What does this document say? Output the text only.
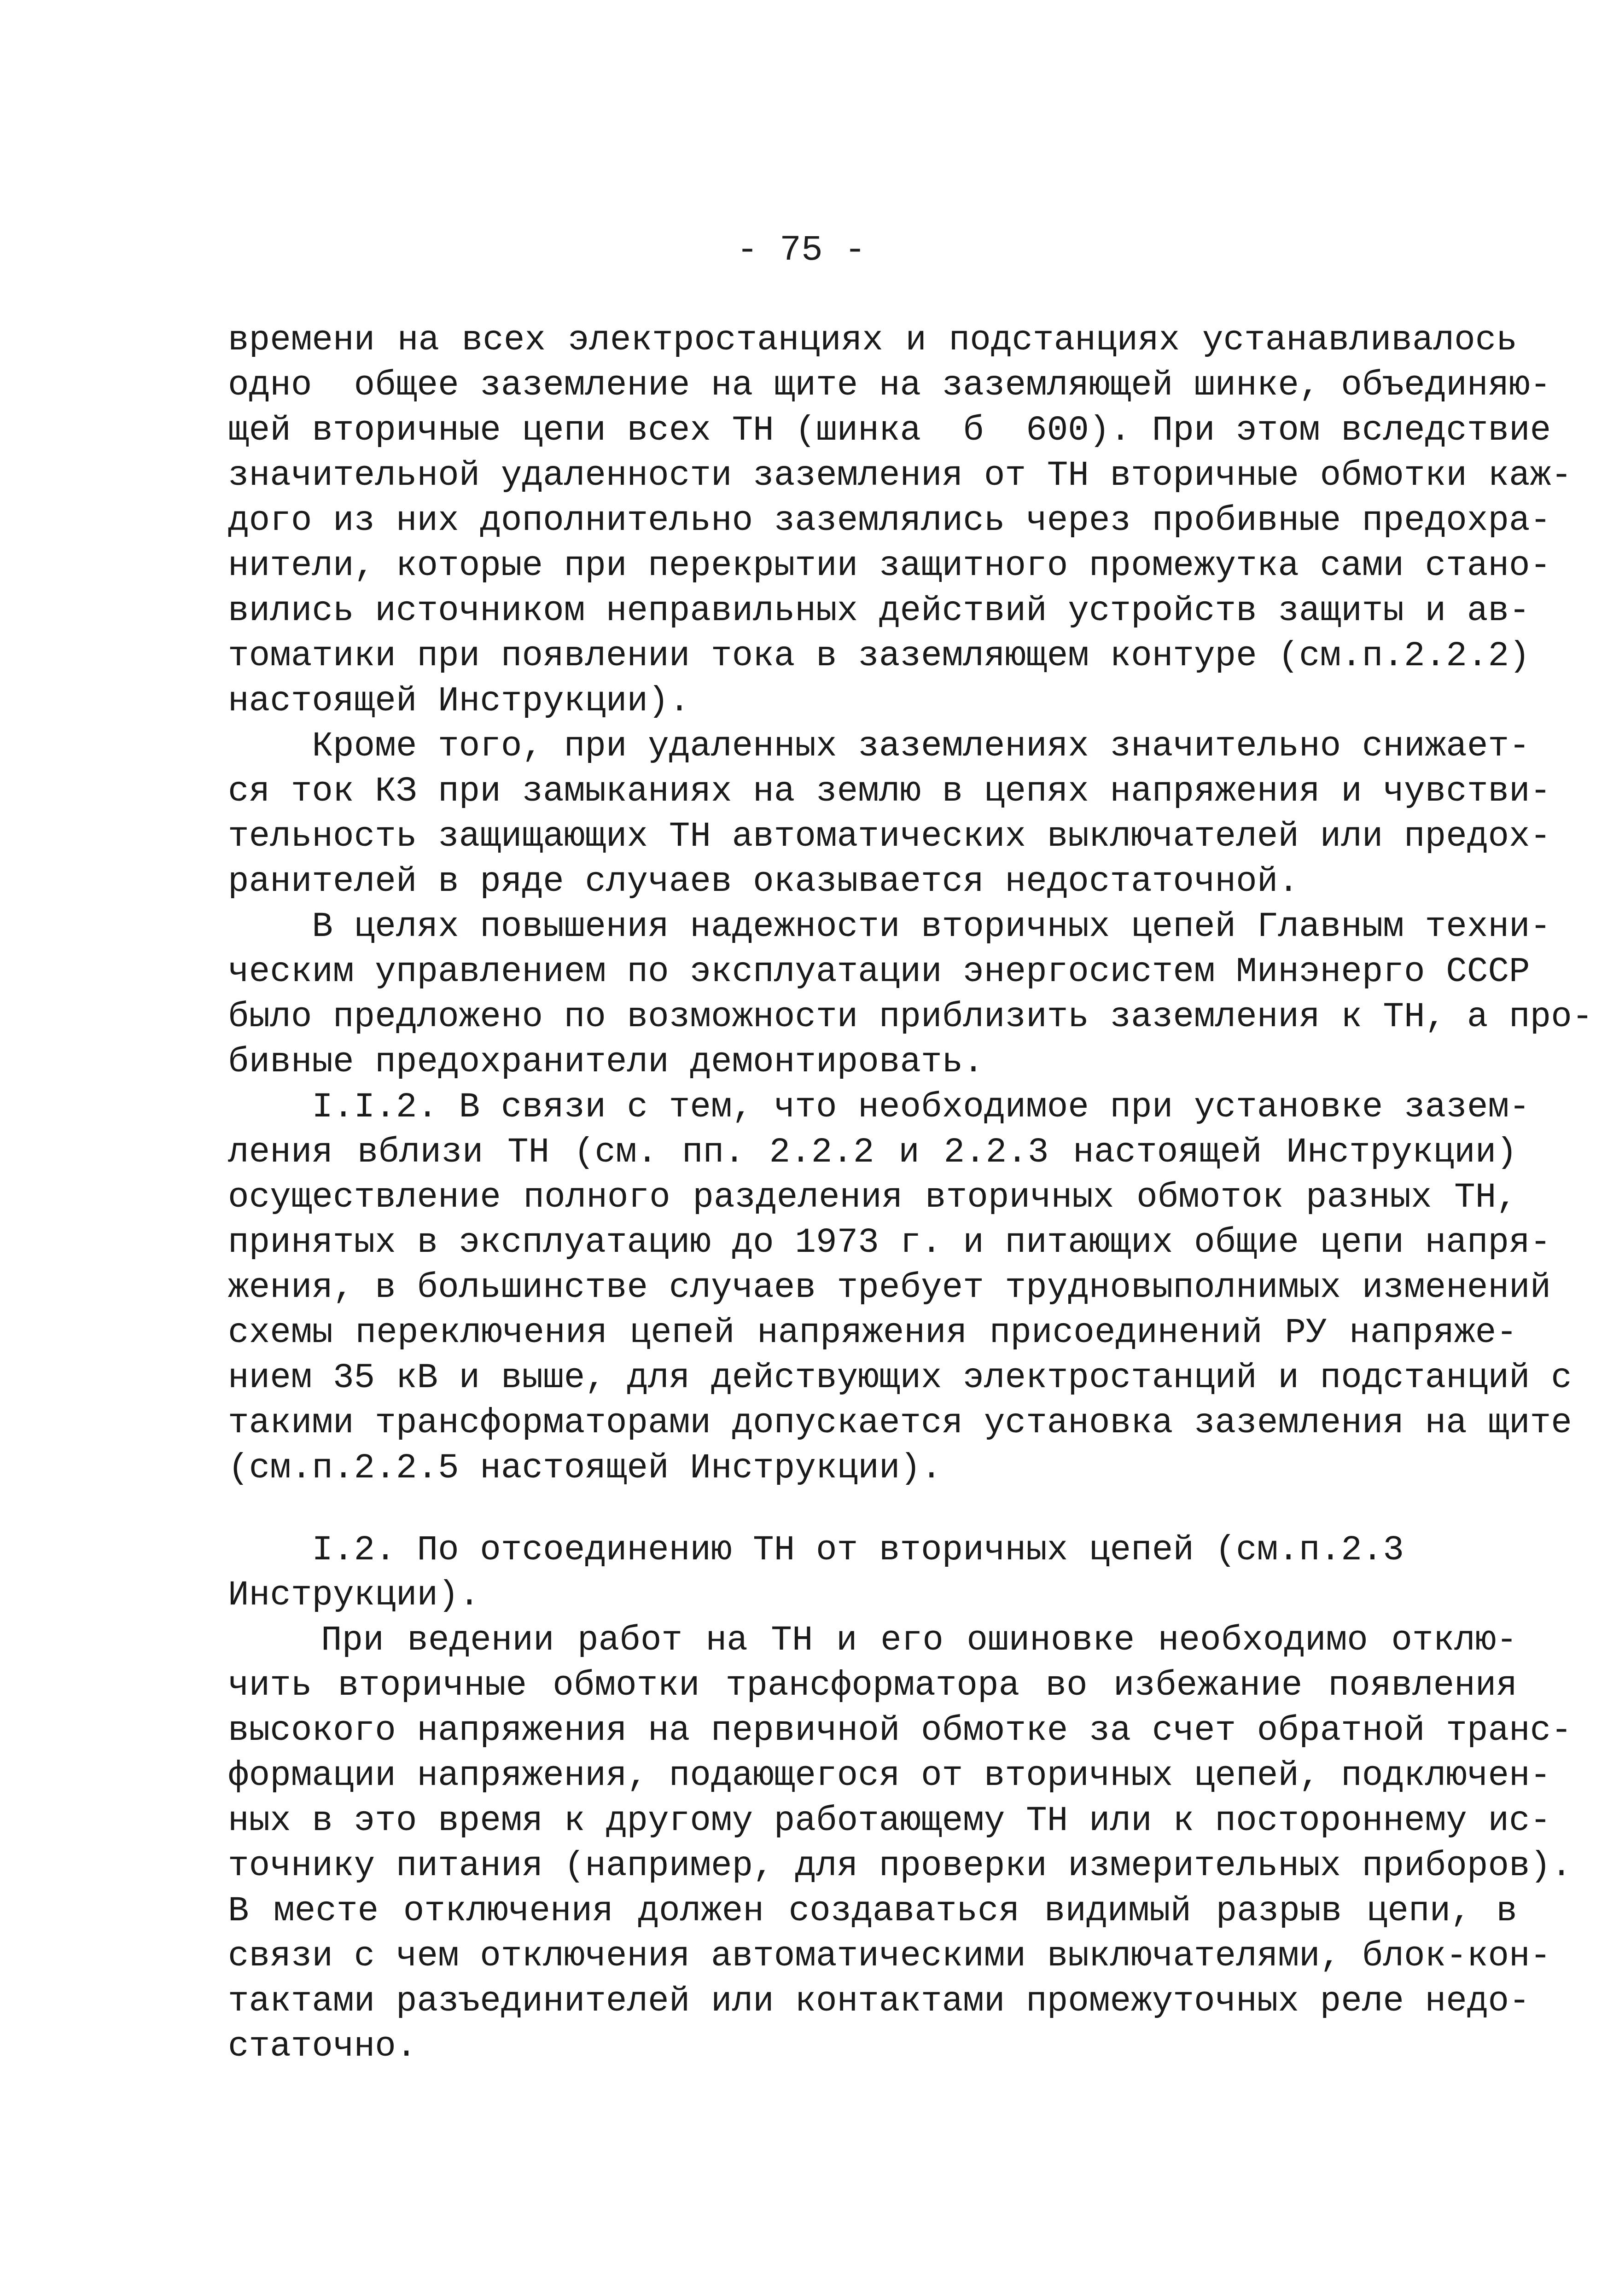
- 75 -
времени на всех электростанциях и подстанциях устанавливалось
одно  общее заземление на щите на заземляющей шинке, объединяю-
щей вторичные цепи всех ТН (шинка  б  600). При этом вследствие
значительной удаленности заземления от ТН вторичные обмотки каж-
дого из них дополнительно заземлялись через пробивные предохра-
нители, которые при перекрытии защитного промежутка сами стано-
вились источником неправильных действий устройств защиты и ав-
томатики при появлении тока в заземляющем контуре (см.п.2.2.2)
настоящей Инструкции).
Кроме того, при удаленных заземлениях значительно снижает-
ся ток КЗ при замыканиях на землю в цепях напряжения и чувстви-
тельность защищающих ТН автоматических выключателей или предох-
ранителей в ряде случаев оказывается недостаточной.
В целях повышения надежности вторичных цепей Главным техни-
ческим управлением по эксплуатации энергосистем Минэнерго СССР
было предложено по возможности приблизить заземления к ТН, а про-
бивные предохранители демонтировать.
I.I.2. В связи с тем, что необходимое при установке зазем-
ления вблизи ТН (см. пп. 2.2.2 и 2.2.3 настоящей Инструкции)
осуществление полного разделения вторичных обмоток разных ТН,
принятых в эксплуатацию до 1973 г. и питающих общие цепи напря-
жения, в большинстве случаев требует трудновыполнимых изменений
схемы переключения цепей напряжения присоединений РУ напряже-
нием 35 кВ и выше, для действующих электростанций и подстанций с
такими трансформаторами допускается установка заземления на щите
(см.п.2.2.5 настоящей Инструкции).
I.2. По отсоединению ТН от вторичных цепей (см.п.2.3
Инструкции).
При ведении работ на ТН и его ошиновке необходимо отклю-
чить вторичные обмотки трансформатора во избежание появления
высокого напряжения на первичной обмотке за счет обратной транс-
формации напряжения, подающегося от вторичных цепей, подключен-
ных в это время к другому работающему ТН или к постороннему ис-
точнику питания (например, для проверки измерительных приборов).
В месте отключения должен создаваться видимый разрыв цепи, в
связи с чем отключения автоматическими выключателями, блок-кон-
тактами разъединителей или контактами промежуточных реле недо-
статочно.
